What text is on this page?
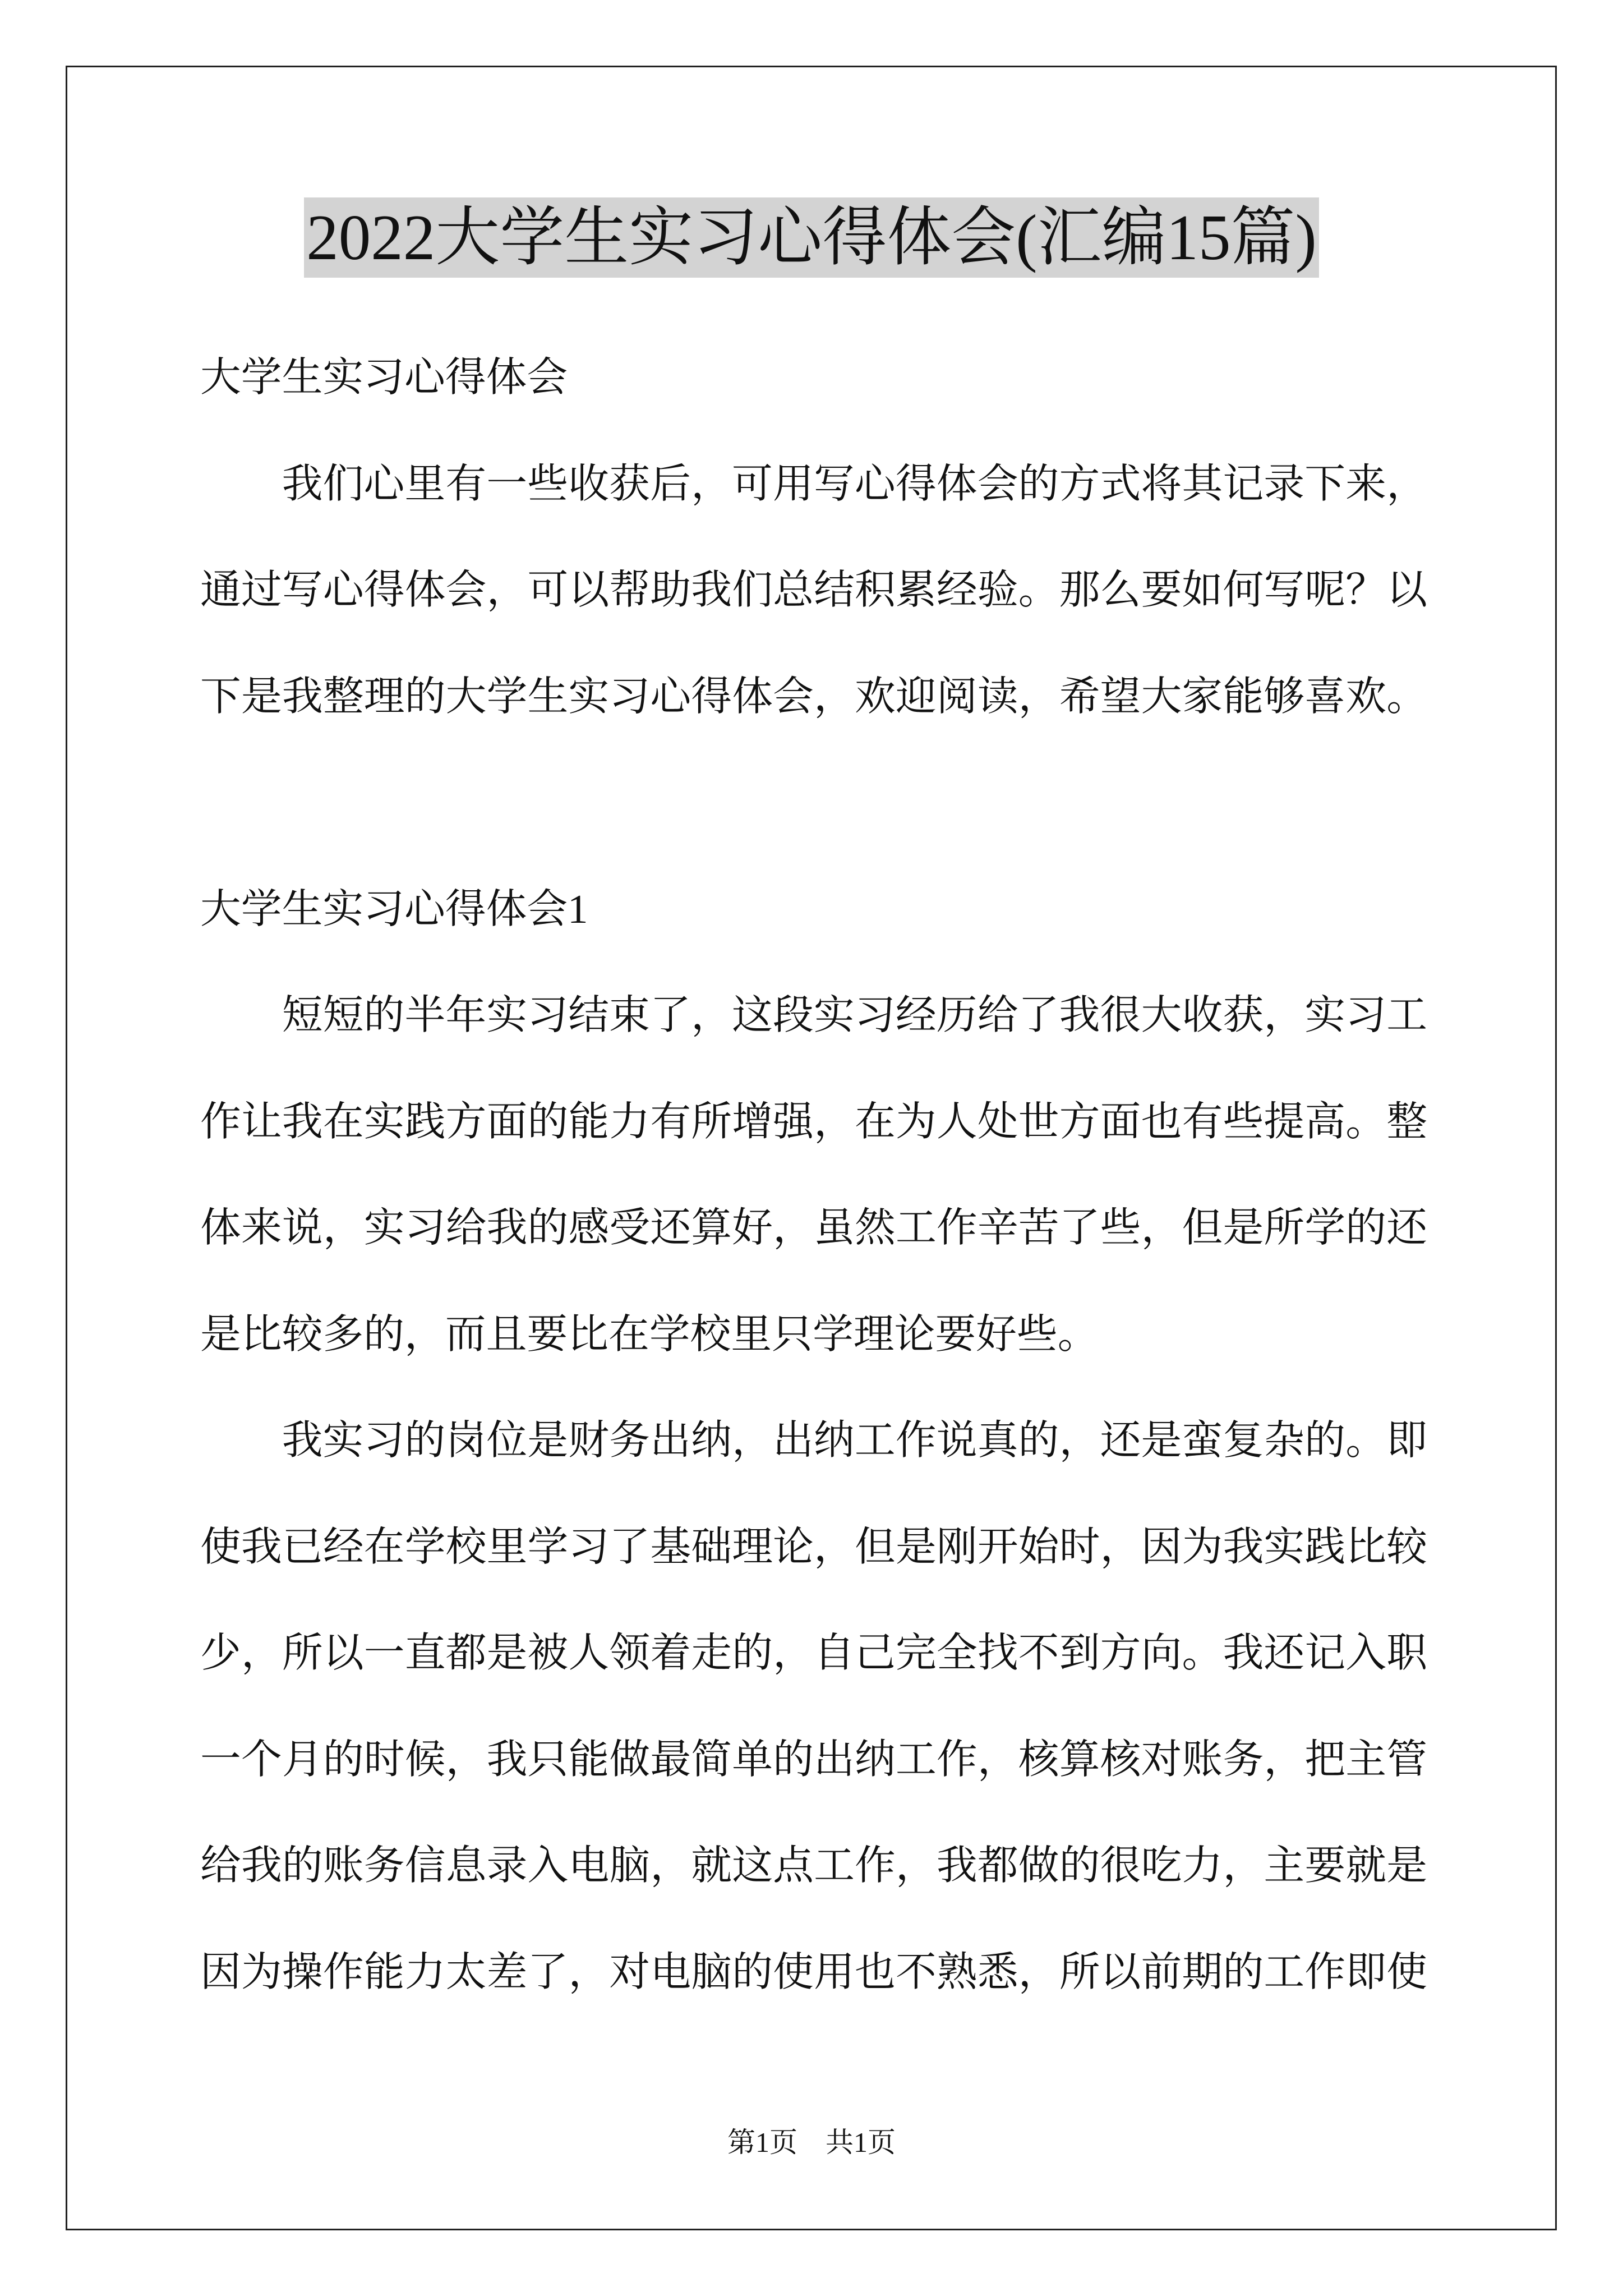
2022大学生实习心得体会(汇编15篇)
大学生实习心得体会
我们心里有一些收获后，可用写心得体会的方式将其记录下来，
通过写心得体会，可以帮助我们总结积累经验。那么要如何写呢？以
下是我整理的大学生实习心得体会，欢迎阅读，希望大家能够喜欢。
大学生实习心得体会1
短短的半年实习结束了，这段实习经历给了我很大收获，实习工
作让我在实践方面的能力有所增强，在为人处世方面也有些提高。整
体来说，实习给我的感受还算好，虽然工作辛苦了些，但是所学的还
是比较多的，而且要比在学校里只学理论要好些。
我实习的岗位是财务出纳，出纳工作说真的，还是蛮复杂的。即
使我已经在学校里学习了基础理论，但是刚开始时，因为我实践比较
少，所以一直都是被人领着走的，自己完全找不到方向。我还记入职
一个月的时候，我只能做最简单的出纳工作，核算核对账务，把主管
给我的账务信息录入电脑，就这点工作，我都做的很吃力，主要就是
因为操作能力太差了，对电脑的使用也不熟悉，所以前期的工作即使
第1页　共1页
